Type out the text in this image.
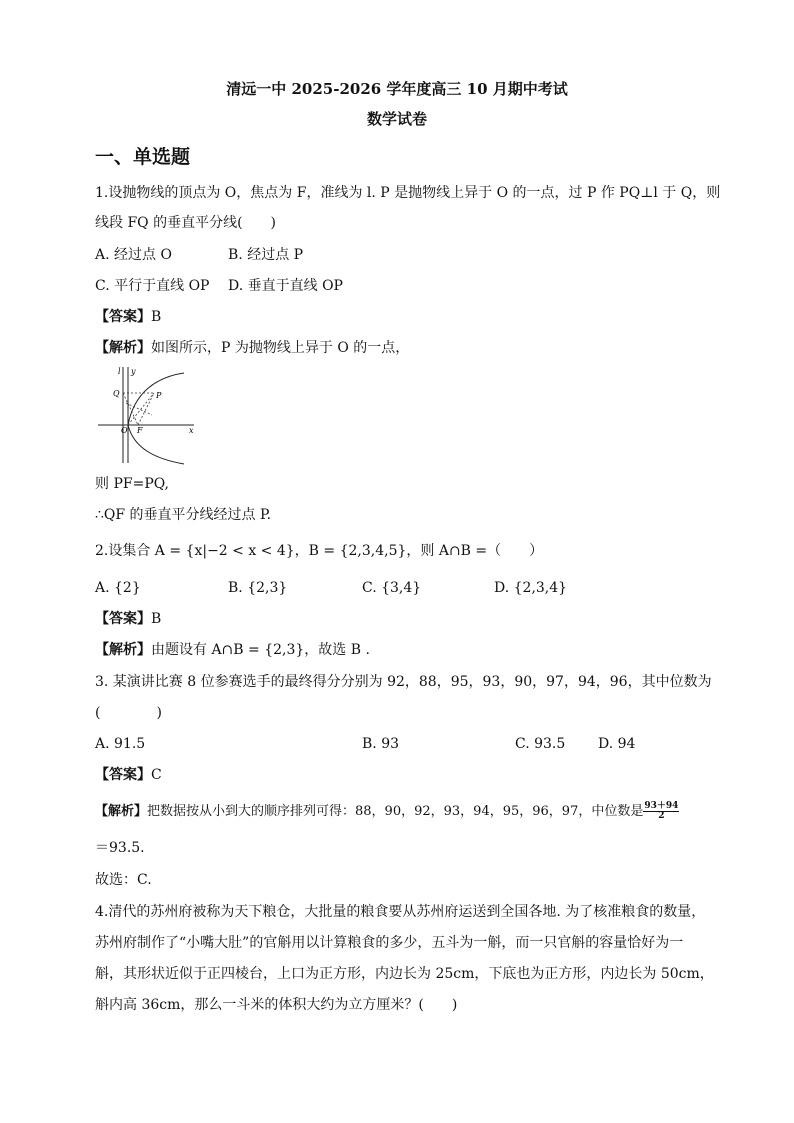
清远一中 2025-2026 学年度高三 10 月期中考试
数学试卷
一、单选题
1.设抛物线的顶点为 O，焦点为 F，准线为 l. P 是抛物线上异于 O 的一点，过 P 作 PQ⊥l 于 Q，则
线段 FQ 的垂直平分线(　　)
A. 经过点 O	B. 经过点 P
C. 平行于直线 OP D. 垂直于直线 OP
【答案】B
【解析】如图所示，P 为抛物线上异于 O 的一点，
l y
Q	P
O F	x
则 PF=PQ,
∴QF 的垂直平分线经过点 P.
2.设集合 A = {x|−2 < x < 4}，B = {2,3,4,5}，则 A∩B =（　　）
A. {2}	B. {2,3}	C. {3,4}	D. {2,3,4}
【答案】B
【解析】由题设有 A∩B = {2,3}，故选 B .
3. 某演讲比赛 8 位参赛选手的最终得分分别为 92，88，95，93，90，97，94，96，其中位数为
(　　　　)
A. 91.5	B. 93	C. 93.5 D. 94
【答案】C
【解析】把数据按从小到大的顺序排列可得：88，90，92，93，94，95，96，97，中位数是 $\frac{93+94}{2}$
＝93.5.
故选：C.
4.清代的苏州府被称为天下粮仓，大批量的粮食要从苏州府运送到全国各地. 为了核准粮食的数量，
苏州府制作了“小嘴大肚”的官斛用以计算粮食的多少，五斗为一斛，而一只官斛的容量恰好为一
斛，其形状近似于正四棱台，上口为正方形，内边长为 25cm，下底也为正方形，内边长为 50cm，
斛内高 36cm，那么一斗米的体积大约为立方厘米？(　　)
